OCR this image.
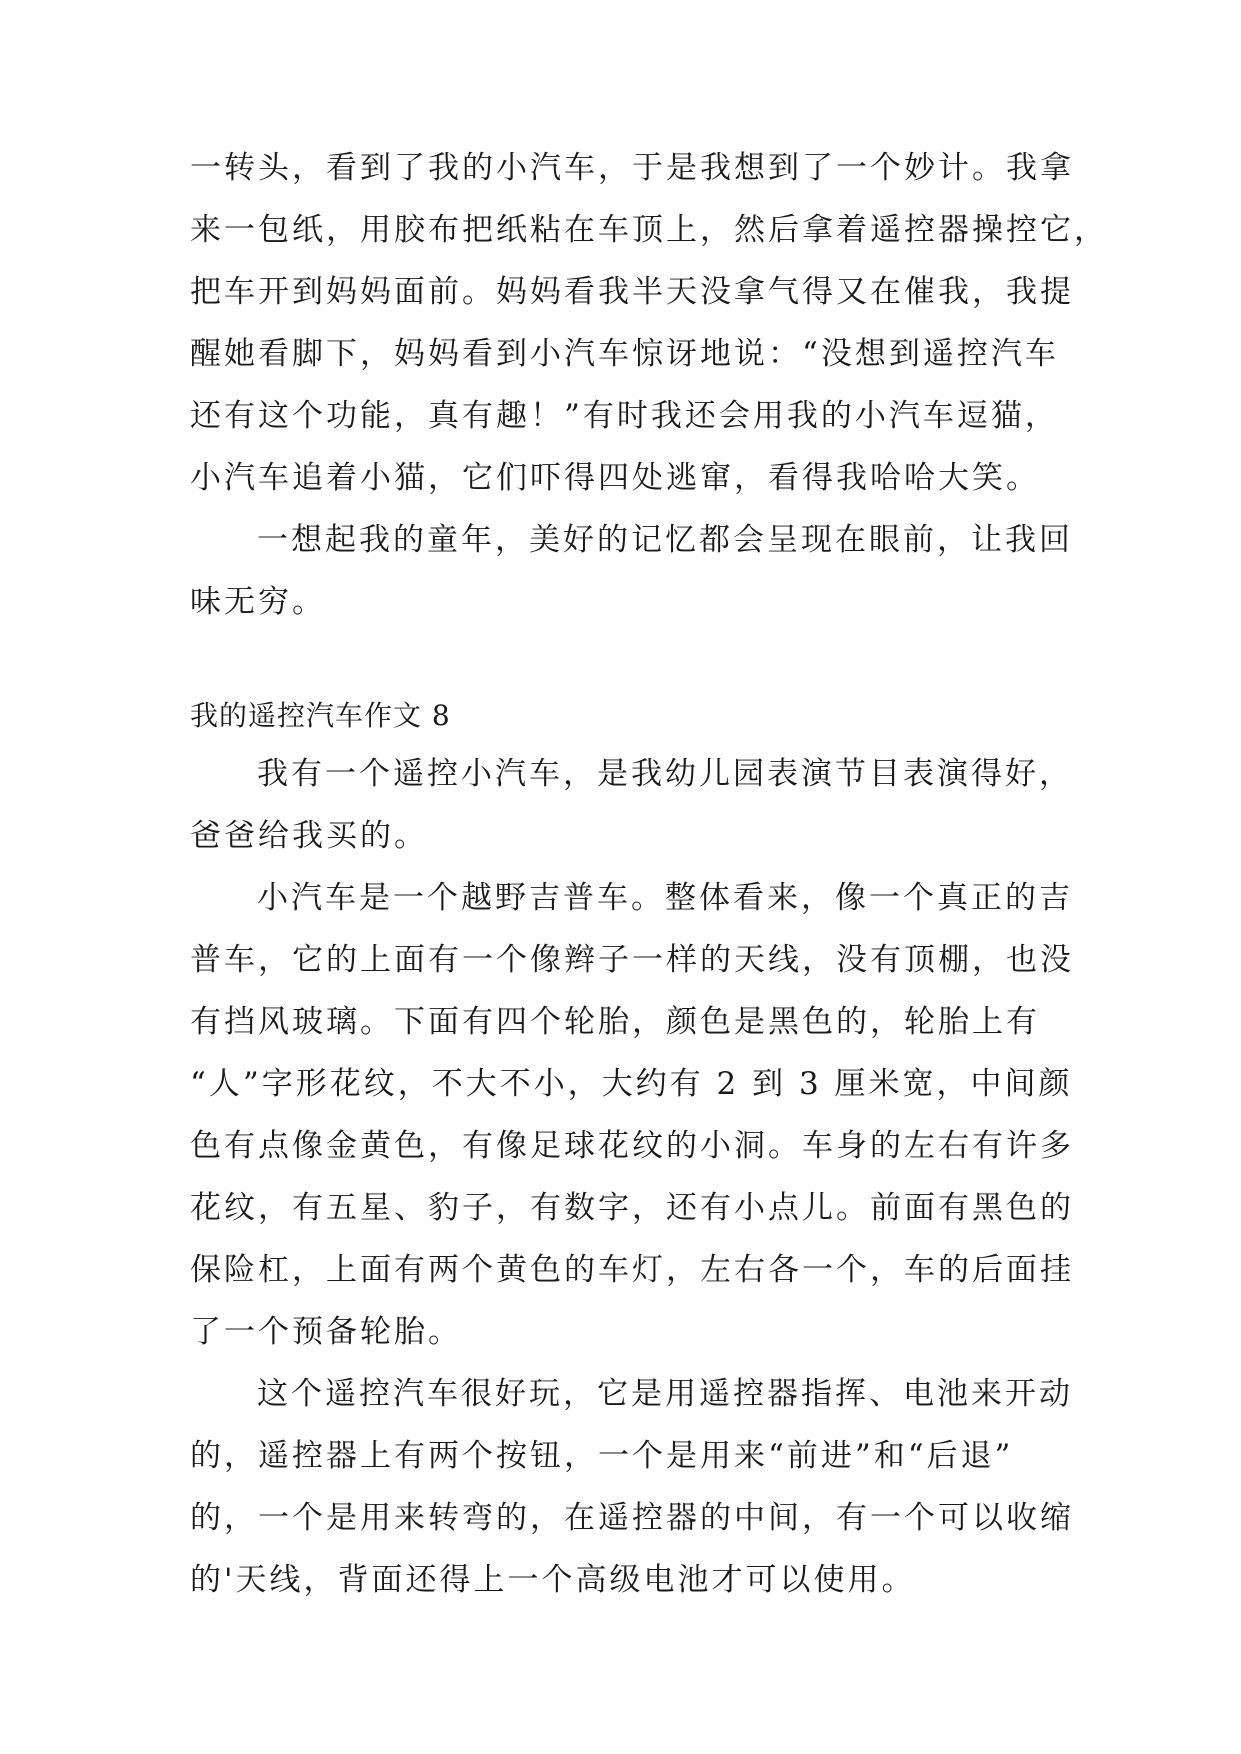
一转头，看到了我的小汽车，于是我想到了一个妙计。我拿
来一包纸，用胶布把纸粘在车顶上，然后拿着遥控器操控它，
把车开到妈妈面前。妈妈看我半天没拿气得又在催我，我提
醒她看脚下，妈妈看到小汽车惊讶地说：“没想到遥控汽车
还有这个功能，真有趣！”有时我还会用我的小汽车逗猫，
小汽车追着小猫，它们吓得四处逃窜，看得我哈哈大笑。
一想起我的童年，美好的记忆都会呈现在眼前，让我回
味无穷。
我的遥控汽车作文 8
我有一个遥控小汽车，是我幼儿园表演节目表演得好，
爸爸给我买的。
小汽车是一个越野吉普车。整体看来，像一个真正的吉
普车，它的上面有一个像辫子一样的天线，没有顶棚，也没
有挡风玻璃。下面有四个轮胎，颜色是黑色的，轮胎上有
“人”字形花纹，不大不小，大约有 2 到 3 厘米宽，中间颜
色有点像金黄色，有像足球花纹的小洞。车身的左右有许多
花纹，有五星、豹子，有数字，还有小点儿。前面有黑色的
保险杠，上面有两个黄色的车灯，左右各一个，车的后面挂
了一个预备轮胎。
这个遥控汽车很好玩，它是用遥控器指挥、电池来开动
的，遥控器上有两个按钮，一个是用来“前进”和“后退”
的，一个是用来转弯的，在遥控器的中间，有一个可以收缩
的'天线，背面还得上一个高级电池才可以使用。
